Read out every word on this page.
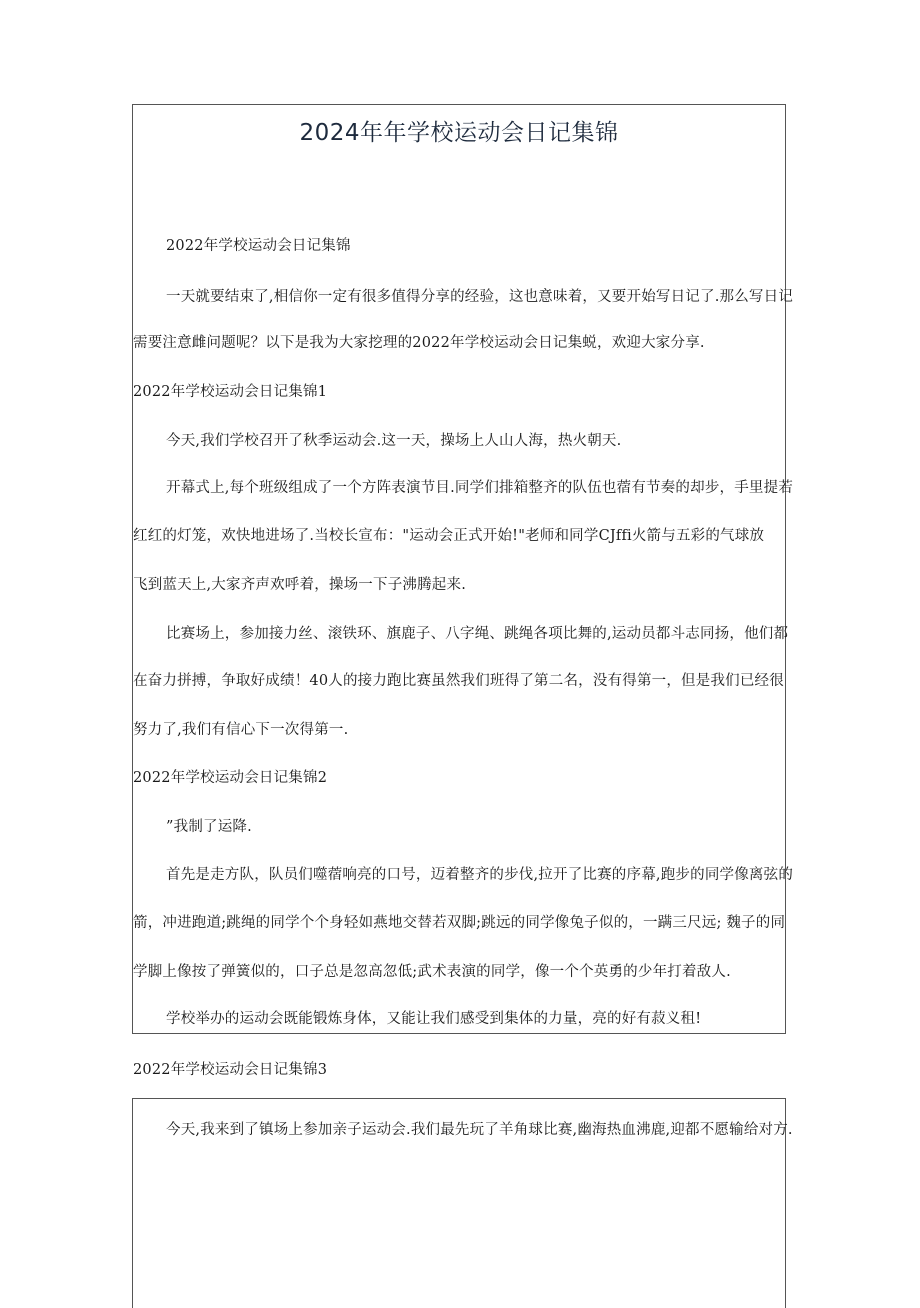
2024年年学校运动会日记集锦
2022年学校运动会日记集锦
一天就要结束了,相信你一定有很多值得分享的经验，这也意味着，又要开始写日记了.那么写日记
需要注意雌问题呢？以下是我为大家挖理的2022年学校运动会日记集蜕，欢迎大家分享.
2022年学校运动会日记集锦1
今天,我们学校召开了秋季运动会.这一天，操场上人山人海，热火朝天.
开幕式上,每个班级组成了一个方阵表演节目.同学们排箱整齐的队伍也蓿有节奏的却步，手里提若
红红的灯笼，欢快地进场了.当校长宣布："运动会正式开始!"老师和同学CJffi火箭与五彩的气球放
飞到蓝天上,大家齐声欢呼着，操场一下子沸腾起来.
比赛场上，参加接力丝、滚铁环、旗鹿子、八字绳、跳绳各项比舞的,运动员都斗志同扬，他们都
在奋力拼搏，争取好成绩！40人的接力跑比赛虽然我们班得了第二名，没有得第一，但是我们已经很
努力了,我们有信心下一次得第一.
2022年学校运动会日记集锦2
”我制了运降.
首先是走方队，队员们噬蓿响亮的口号，迈着整齐的步伐,拉开了比赛的序幕,跑步的同学像离弦的
箭，冲进跑道;跳绳的同学个个身轻如燕地交替若双脚;跳远的同学像兔子似的，一蹒三尺远; 魏子的同
学脚上像按了弹簧似的，口子总是忽高忽低;武术表演的同学，像一个个英勇的少年打着敌人.
学校举办的运动会既能锻炼身体，又能让我们感受到集体的力量，亮的好有菽义租!
2022年学校运动会日记集锦3
今天,我来到了镇场上参加亲子运动会.我们最先玩了羊角球比赛,幽海热血沸鹿,迎都不愿输给对方.
